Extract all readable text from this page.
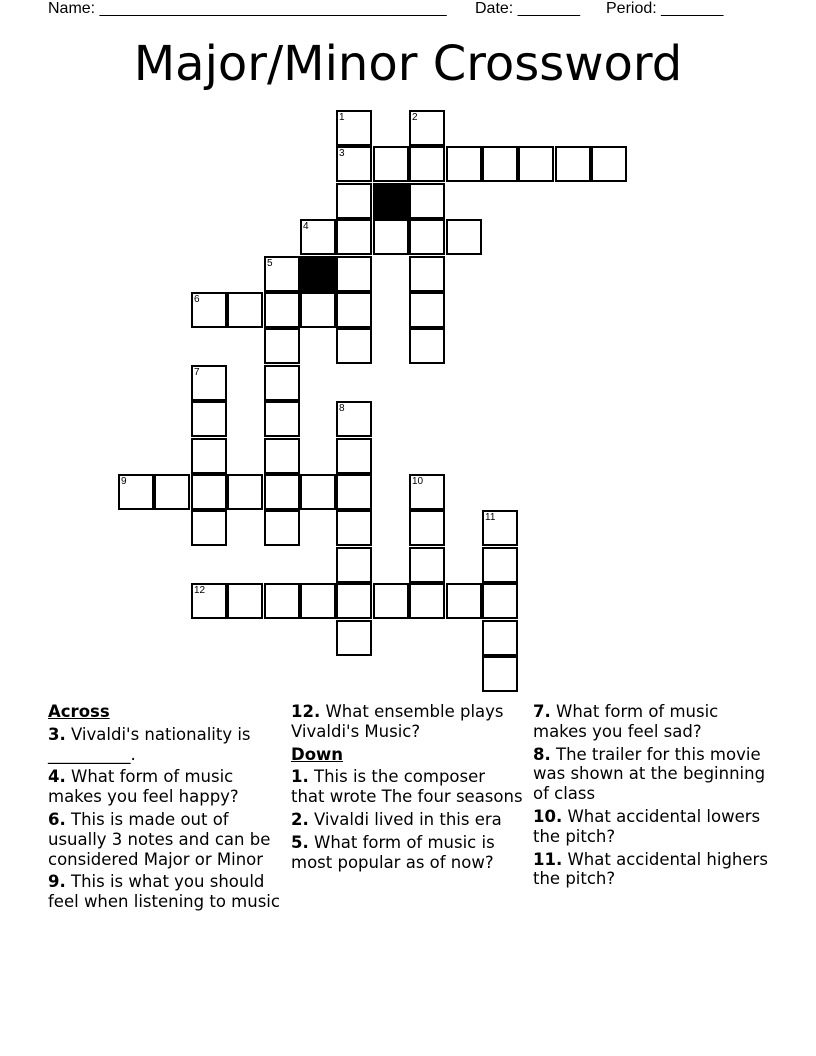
Name: _______________________________________ Date: _______ Period: _______
Major/Minor Crossword
1	2
3
4
5
6
7
8
9	10
11
12
Across
3. Vivaldi's nationality is __________.
4. What form of music makes you feel happy?
6. This is made out of usually 3 notes and can be considered Major or Minor
9. This is what you should feel when listening to music
12. What ensemble plays Vivaldi's Music?
Down
1. This is the composer that wrote The four seasons
2. Vivaldi lived in this era
5. What form of music is most popular as of now?
7. What form of music makes you feel sad?
8. The trailer for this movie was shown at the beginning of class
10. What accidental lowers the pitch?
11. What accidental highers the pitch?
